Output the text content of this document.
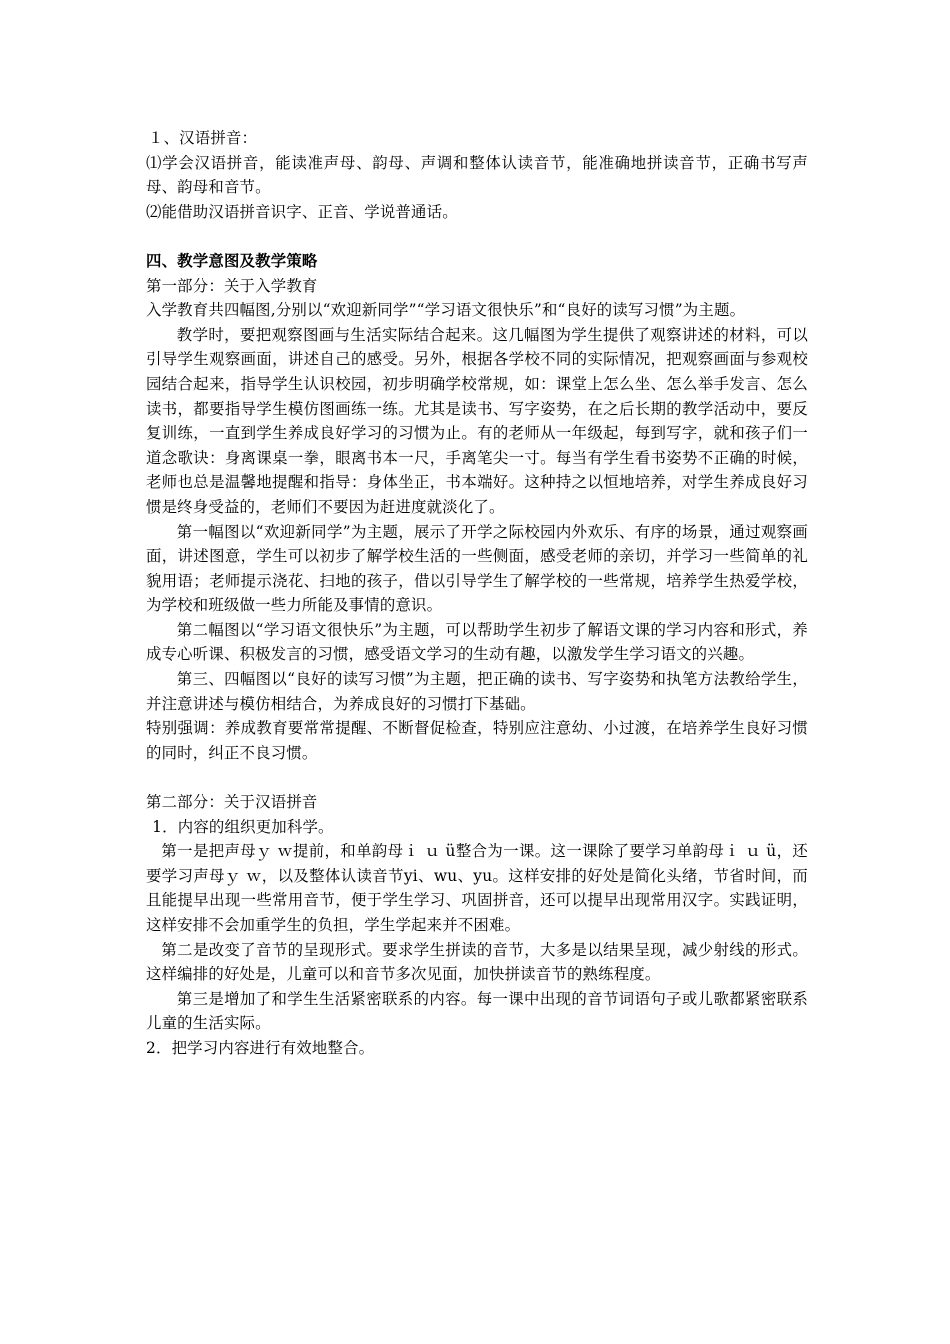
１、汉语拼音：

⑴学会汉语拼音，能读准声母、韵母、声调和整体认读音节，能准确地拼读音节，正确书写声母、韵母和音节。

⑵能借助汉语拼音识字、正音、学说普通话。

四、教学意图及教学策略

第一部分：关于入学教育

入学教育共四幅图,分别以“欢迎新同学”“学习语文很快乐”和“良好的读写习惯”为主题。

教学时，要把观察图画与生活实际结合起来。这几幅图为学生提供了观察讲述的材料，可以引导学生观察画面，讲述自己的感受。另外，根据各学校不同的实际情况，把观察画面与参观校园结合起来，指导学生认识校园，初步明确学校常规，如：课堂上怎么坐、怎么举手发言、怎么读书，都要指导学生模仿图画练一练。尤其是读书、写字姿势，在之后长期的教学活动中，要反复训练，一直到学生养成良好学习的习惯为止。有的老师从一年级起，每到写字，就和孩子们一道念歌诀：身离课桌一拳，眼离书本一尺，手离笔尖一寸。每当有学生看书姿势不正确的时候，老师也总是温馨地提醒和指导：身体坐正，书本端好。这种持之以恒地培养，对学生养成良好习惯是终身受益的，老师们不要因为赶进度就淡化了。

第一幅图以“欢迎新同学”为主题，展示了开学之际校园内外欢乐、有序的场景，通过观察画面，讲述图意，学生可以初步了解学校生活的一些侧面，感受老师的亲切，并学习一些简单的礼貌用语；老师提示浇花、扫地的孩子，借以引导学生了解学校的一些常规，培养学生热爱学校，为学校和班级做一些力所能及事情的意识。

第二幅图以“学习语文很快乐”为主题，可以帮助学生初步了解语文课的学习内容和形式，养成专心听课、积极发言的习惯，感受语文学习的生动有趣，以激发学生学习语文的兴趣。

第三、四幅图以“良好的读写习惯”为主题，把正确的读书、写字姿势和执笔方法教给学生，并注意讲述与模仿相结合，为养成良好的习惯打下基础。

特别强调：养成教育要常常提醒、不断督促检查，特别应注意幼、小过渡，在培养学生良好习惯的同时，纠正不良习惯。

第二部分：关于汉语拼音

1．内容的组织更加科学。

第一是把声母ｙ ｗ提前，和单韵母ｉ ｕ ü整合为一课。这一课除了要学习单韵母ｉ ｕ ü，还要学习声母ｙ ｗ，以及整体认读音节yi、wu、yu。这样安排的好处是简化头绪，节省时间，而且能提早出现一些常用音节，便于学生学习、巩固拼音，还可以提早出现常用汉字。实践证明，这样安排不会加重学生的负担，学生学起来并不困难。

第二是改变了音节的呈现形式。要求学生拼读的音节，大多是以结果呈现，减少射线的形式。这样编排的好处是，儿童可以和音节多次见面，加快拼读音节的熟练程度。

第三是增加了和学生生活紧密联系的内容。每一课中出现的音节词语句子或儿歌都紧密联系儿童的生活实际。

2．把学习内容进行有效地整合。
